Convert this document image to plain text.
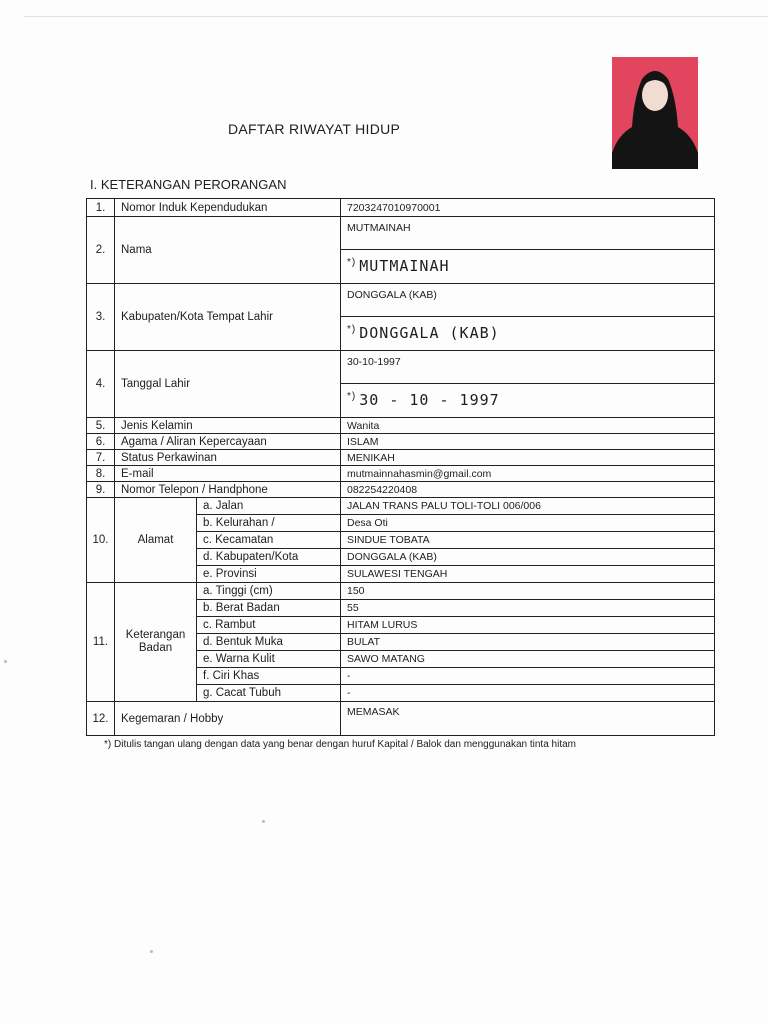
DAFTAR RIWAYAT HIDUP
I. KETERANGAN PERORANGAN
1.	Nomor Induk Kependudukan		7203247010970001
2.	Nama		MUTMAINAH
*) MUTMAINAH

3.	Kabupaten/Kota Tempat Lahir		DONGGALA (KAB)
*) DONGGALA (KAB)

4.	Tanggal Lahir		30-10-1997
*) 30 - 10 - 1997

5.	Jenis Kelamin		Wanita
6.	Agama / Aliran Kepercayaan		ISLAM
7.	Status Perkawinan		MENIKAH
8.	E-mail		mutmainnahasmin@gmail.com
9.	Nomor Telepon / Handphone		082254220408
10.	Alamat	a. Jalan	JALAN TRANS PALU TOLI-TOLI 006/006
		b. Kelurahan /	Desa Oti
		c. Kecamatan	SINDUE TOBATA
		d. Kabupaten/Kota	DONGGALA (KAB)
		e. Provinsi	SULAWESI TENGAH
11.	Keterangan
Badan	a. Tinggi (cm)	150
		b. Berat Badan	55
		c. Rambut	HITAM LURUS
		d. Bentuk Muka	BULAT
		e. Warna Kulit	SAWO MATANG
		f. Ciri Khas	-
		g. Cacat Tubuh	-
12.	Kegemaran / Hobby		MEMASAK
*) Ditulis tangan ulang dengan data yang benar dengan huruf Kapital / Balok dan menggunakan tinta hitam
